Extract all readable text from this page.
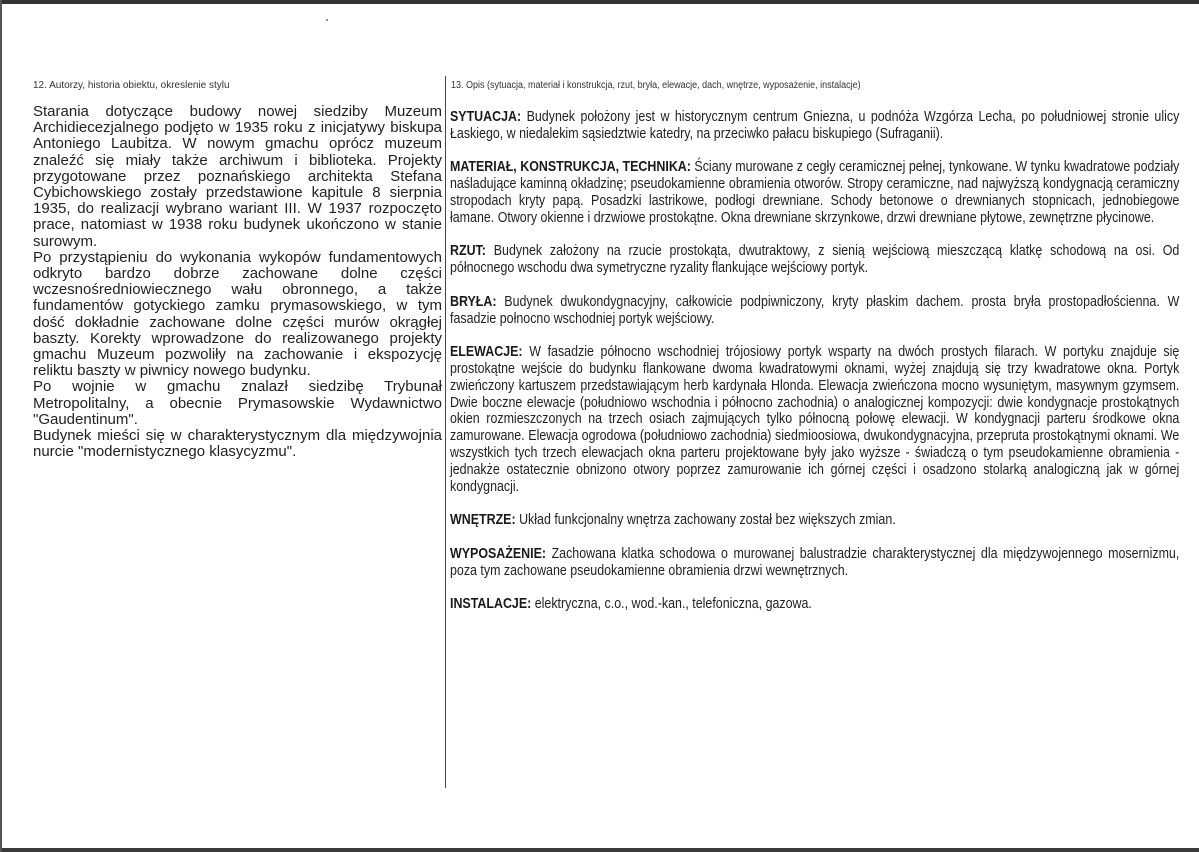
12. Autorzy, historia obiektu, okreslenie stylu

Starania dotyczące budowy nowej siedziby Muzeum Archidiecezjalnego podjęto w 1935 roku z inicjatywy biskupa Antoniego Laubitza. W nowym gmachu oprócz muzeum znaleźć się miały także archiwum i biblioteka. Projekty przygotowane przez poznańskiego architekta Stefana Cybichowskiego zostały przedstawione kapitule 8 sierpnia 1935, do realizacji wybrano wariant III. W 1937 rozpoczęto prace, natomiast w 1938 roku budynek ukończono w stanie surowym.

Po przystąpieniu do wykonania wykopów fundamentowych odkryto bardzo dobrze zachowane dolne części wczesnośredniowiecznego wału obronnego, a także fundamentów gotyckiego zamku prymasowskiego, w tym dość dokładnie zachowane dolne części murów okrągłej baszty. Korekty wprowadzone do realizowanego projekty gmachu Muzeum pozwoliły na zachowanie i ekspozycję reliktu baszty w piwnicy nowego budynku.

Po wojnie w gmachu znalazł siedzibę Trybunał Metropolitalny, a obecnie Prymasowskie Wydawnictwo "Gaudentinum".

Budynek mieści się w charakterystycznym dla międzywojnia nurcie "modernistycznego klasycyzmu".

13. Opis (sytuacja, materiał i konstrukcja, rzut, bryła, elewacje, dach, wnętrze, wyposażenie, instalacje)

SYTUACJA: Budynek położony jest w historycznym centrum Gniezna, u podnóża Wzgórza Lecha, po południowej stronie ulicy Łaskiego, w niedalekim sąsiedztwie katedry, na przeciwko pałacu biskupiego (Sufraganii).

MATERIAŁ, KONSTRUKCJA, TECHNIKA: Ściany murowane z cegły ceramicznej pełnej, tynkowane. W tynku kwadratowe podziały naśladujące kaminną okładzinę; pseudokamienne obramienia otworów. Stropy ceramiczne, nad najwyższą kondygnacją ceramiczny stropodach kryty papą. Posadzki lastrikowe, podłogi drewniane. Schody betonowe o drewnianych stopnicach, jednobiegowe łamane. Otwory okienne i drzwiowe prostokątne. Okna drewniane skrzynkowe, drzwi drewniane płytowe, zewnętrzne płycinowe.

RZUT: Budynek założony na rzucie prostokąta, dwutraktowy, z sienią wejściową mieszczącą klatkę schodową na osi. Od północnego wschodu dwa symetryczne ryzality flankujące wejściowy portyk.

BRYŁA: Budynek dwukondygnacyjny, całkowicie podpiwniczony, kryty płaskim dachem. prosta bryła prostopadłościenna. W fasadzie połnocno wschodniej portyk wejściowy.

ELEWACJE: W fasadzie północno wschodniej trójosiowy portyk wsparty na dwóch prostych filarach. W portyku znajduje się prostokątne wejście do budynku flankowane dwoma kwadratowymi oknami, wyżej znajdują się trzy kwadratowe okna. Portyk zwieńczony kartuszem przedstawiającym herb kardynała Hlonda. Elewacja zwieńczona mocno wysuniętym, masywnym gzymsem. Dwie boczne elewacje (południowo wschodnia i północno zachodnia) o analogicznej kompozycji: dwie kondygnacje prostokątnych okien rozmieszczonych na trzech osiach zajmujących tylko północną połowę elewacji. W kondygnacji parteru środkowe okna zamurowane. Elewacja ogrodowa (południowo zachodnia) siedmioosiowa, dwukondygnacyjna, przepruta prostokątnymi oknami. We wszystkich tych trzech elewacjach okna parteru projektowane były jako wyższe - świadczą o tym pseudokamienne obramienia - jednakże ostatecznie obnizono otwory poprzez zamurowanie ich górnej części i osadzono stolarką analogiczną jak w górnej kondygnacji.

WNĘTRZE: Układ funkcjonalny wnętrza zachowany został bez większych zmian.

WYPOSAŻENIE: Zachowana klatka schodowa o murowanej balustradzie charakterystycznej dla międzywojennego mosernizmu, poza tym zachowane pseudokamienne obramienia drzwi wewnętrznych.

INSTALACJE: elektryczna, c.o., wod.-kan., telefoniczna, gazowa.
